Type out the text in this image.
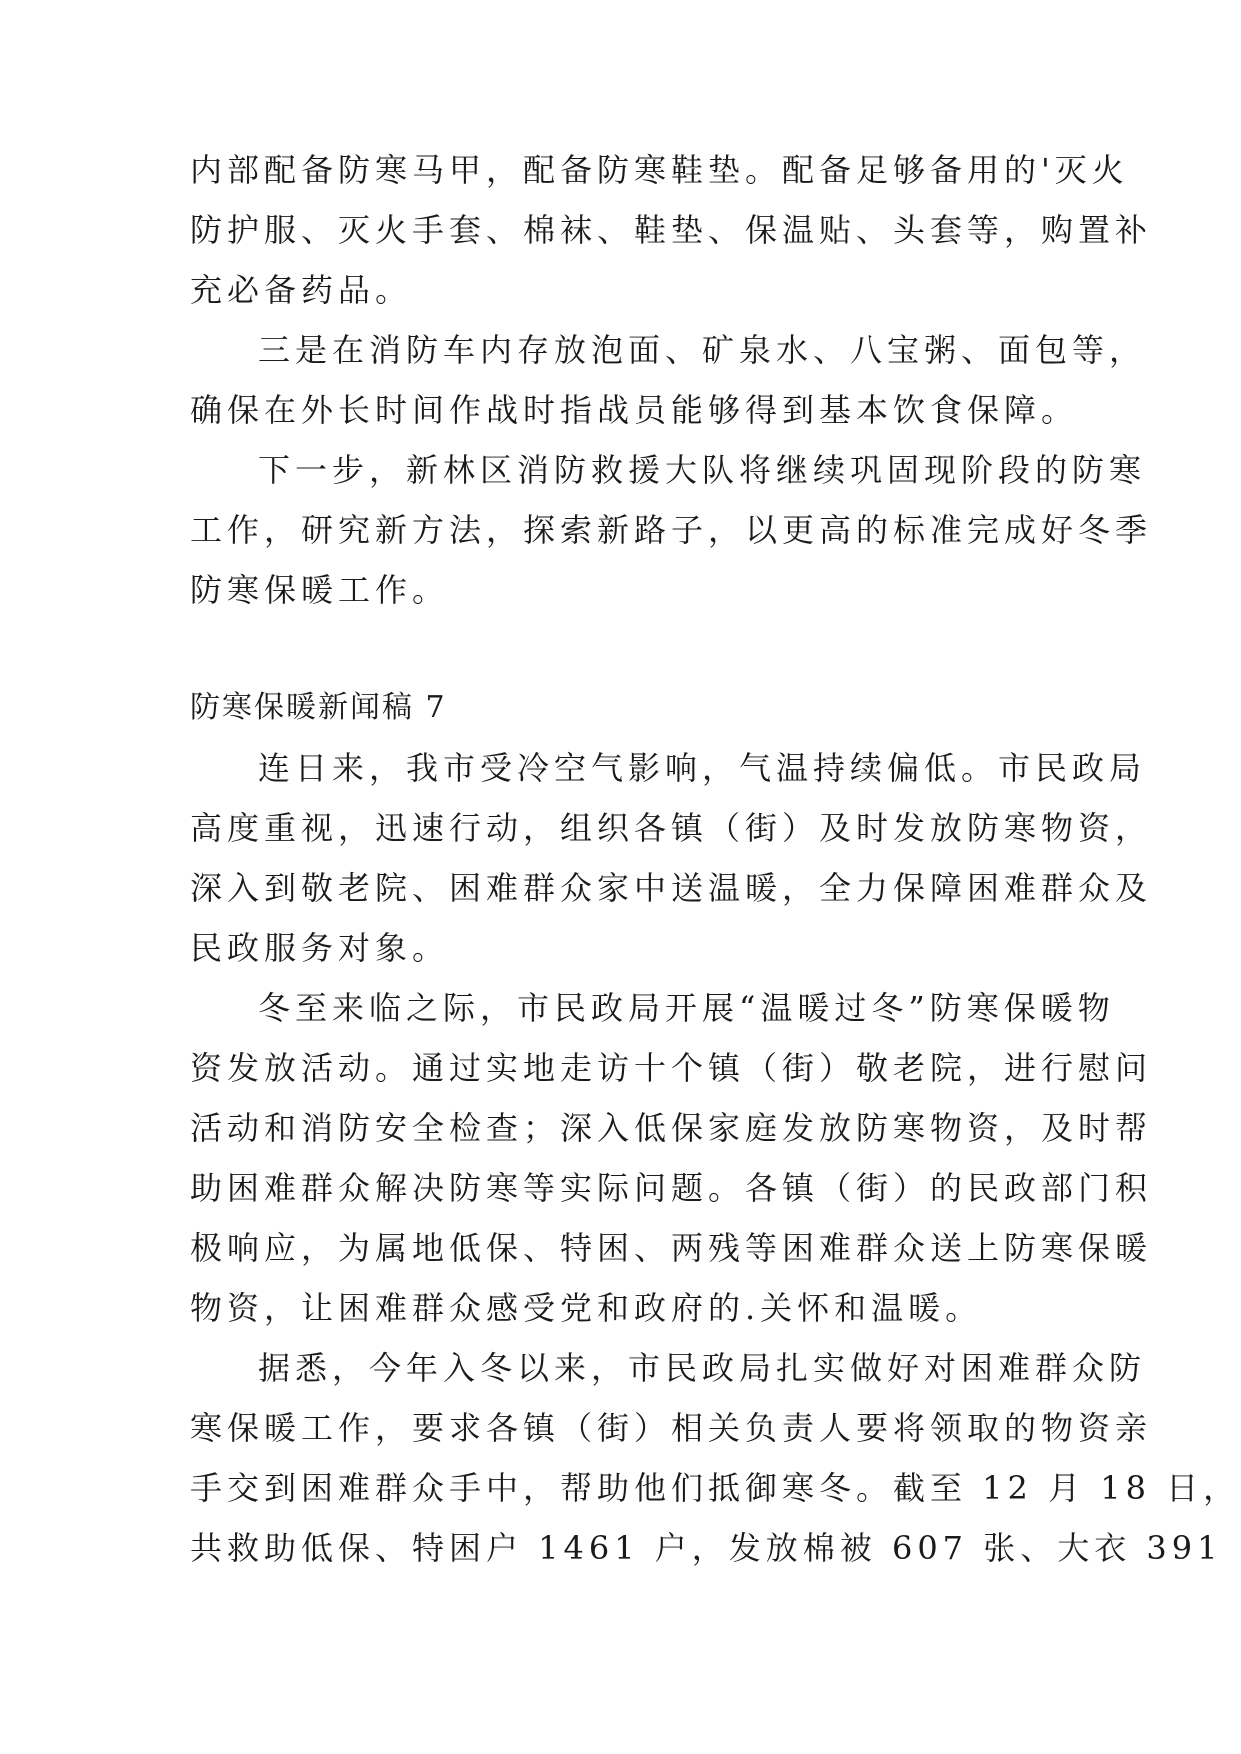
内部配备防寒马甲，配备防寒鞋垫。配备足够备用的'灭火
防护服、灭火手套、棉袜、鞋垫、保温贴、头套等，购置补
充必备药品。
三是在消防车内存放泡面、矿泉水、八宝粥、面包等，
确保在外长时间作战时指战员能够得到基本饮食保障。
下一步，新林区消防救援大队将继续巩固现阶段的防寒
工作，研究新方法，探索新路子，以更高的标准完成好冬季
防寒保暖工作。
防寒保暖新闻稿 7
连日来，我市受冷空气影响，气温持续偏低。市民政局
高度重视，迅速行动，组织各镇（街）及时发放防寒物资，
深入到敬老院、困难群众家中送温暖，全力保障困难群众及
民政服务对象。
冬至来临之际，市民政局开展“温暖过冬”防寒保暖物
资发放活动。通过实地走访十个镇（街）敬老院，进行慰问
活动和消防安全检查；深入低保家庭发放防寒物资，及时帮
助困难群众解决防寒等实际问题。各镇（街）的民政部门积
极响应，为属地低保、特困、两残等困难群众送上防寒保暖
物资，让困难群众感受党和政府的.关怀和温暖。
据悉，今年入冬以来，市民政局扎实做好对困难群众防
寒保暖工作，要求各镇（街）相关负责人要将领取的物资亲
手交到困难群众手中，帮助他们抵御寒冬。截至 12 月 18 日，
共救助低保、特困户 1461 户，发放棉被 607 张、大衣 391
